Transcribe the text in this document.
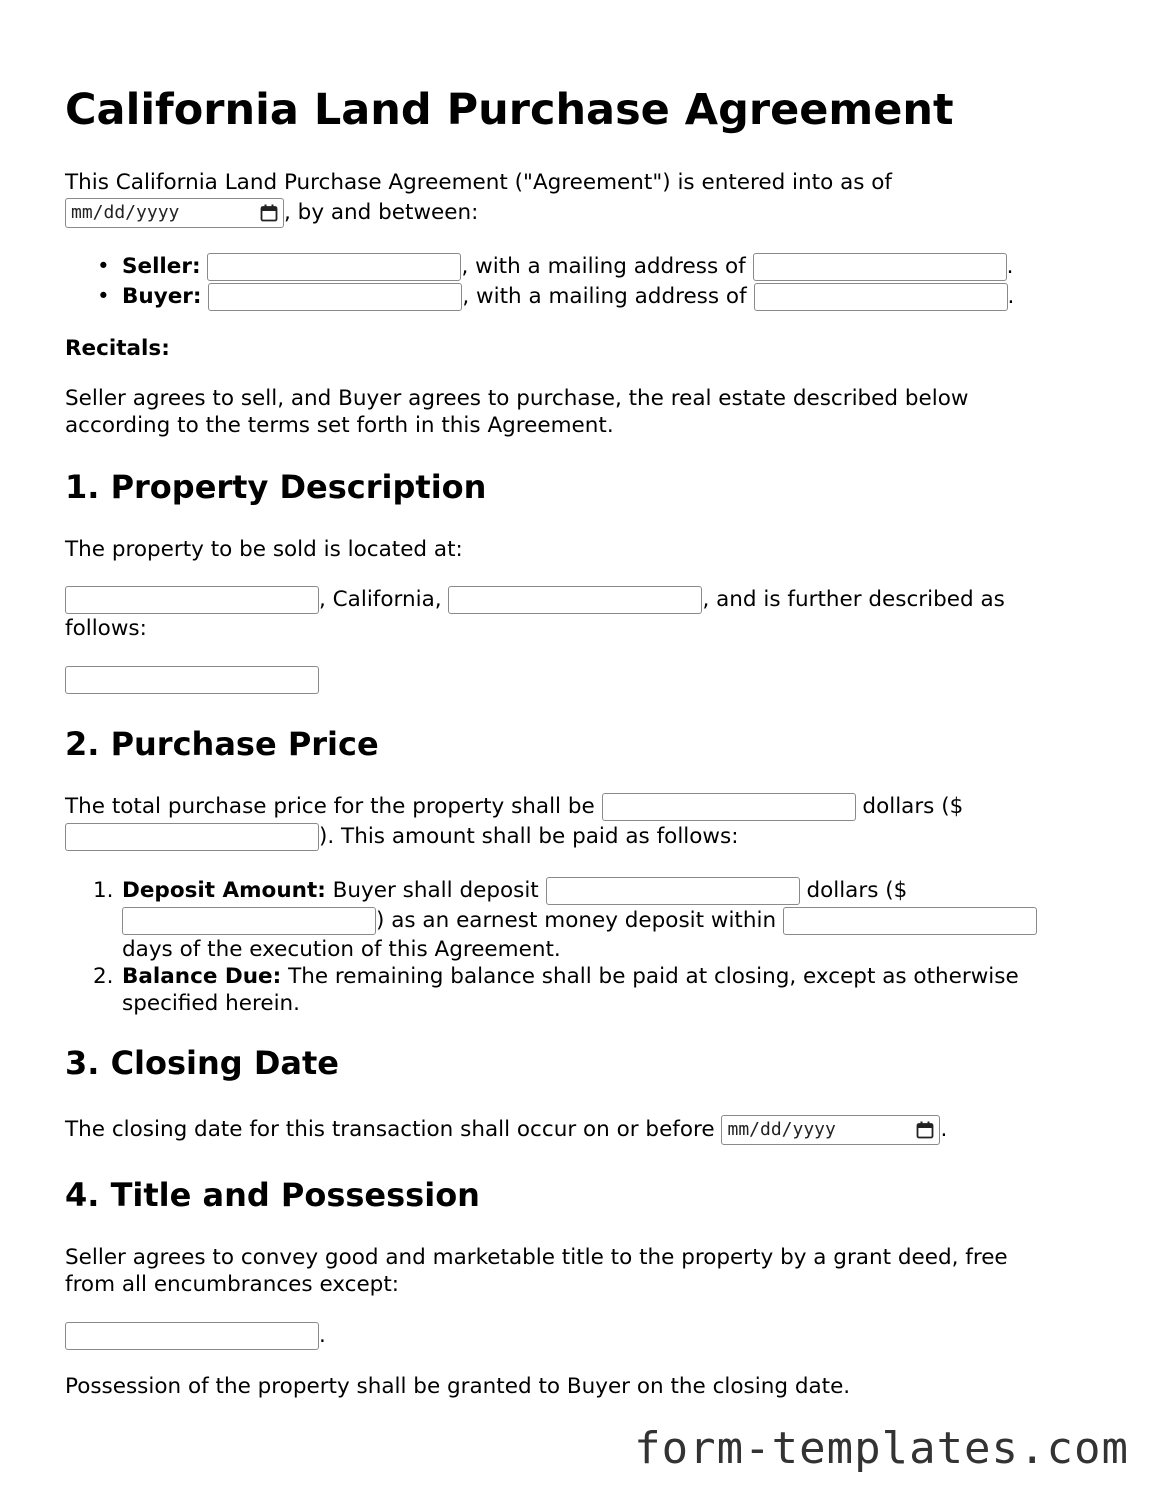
California Land Purchase Agreement
This California Land Purchase Agreement ("Agreement") is entered into as of
mm/dd/yyyy	, by and between:
• Seller:	, with a mailing address of	.
• Buyer:	, with a mailing address of	.
Recitals:
Seller agrees to sell, and Buyer agrees to purchase, the real estate described below
according to the terms set forth in this Agreement.
1. Property Description
The property to be sold is located at:
, California,	, and is further described as
follows:
2. Purchase Price
The total purchase price for the property shall be	dollars ($
). This amount shall be paid as follows:
1. Deposit Amount: Buyer shall deposit	dollars ($
) as an earnest money deposit within
days of the execution of this Agreement.
2. Balance Due: The remaining balance shall be paid at closing, except as otherwise
specified herein.
3. Closing Date
The closing date for this transaction shall occur on or before mm/dd/yyyy	.
4. Title and Possession
Seller agrees to convey good and marketable title to the property by a grant deed, free
from all encumbrances except:
.
Possession of the property shall be granted to Buyer on the closing date.
form-templates.com
